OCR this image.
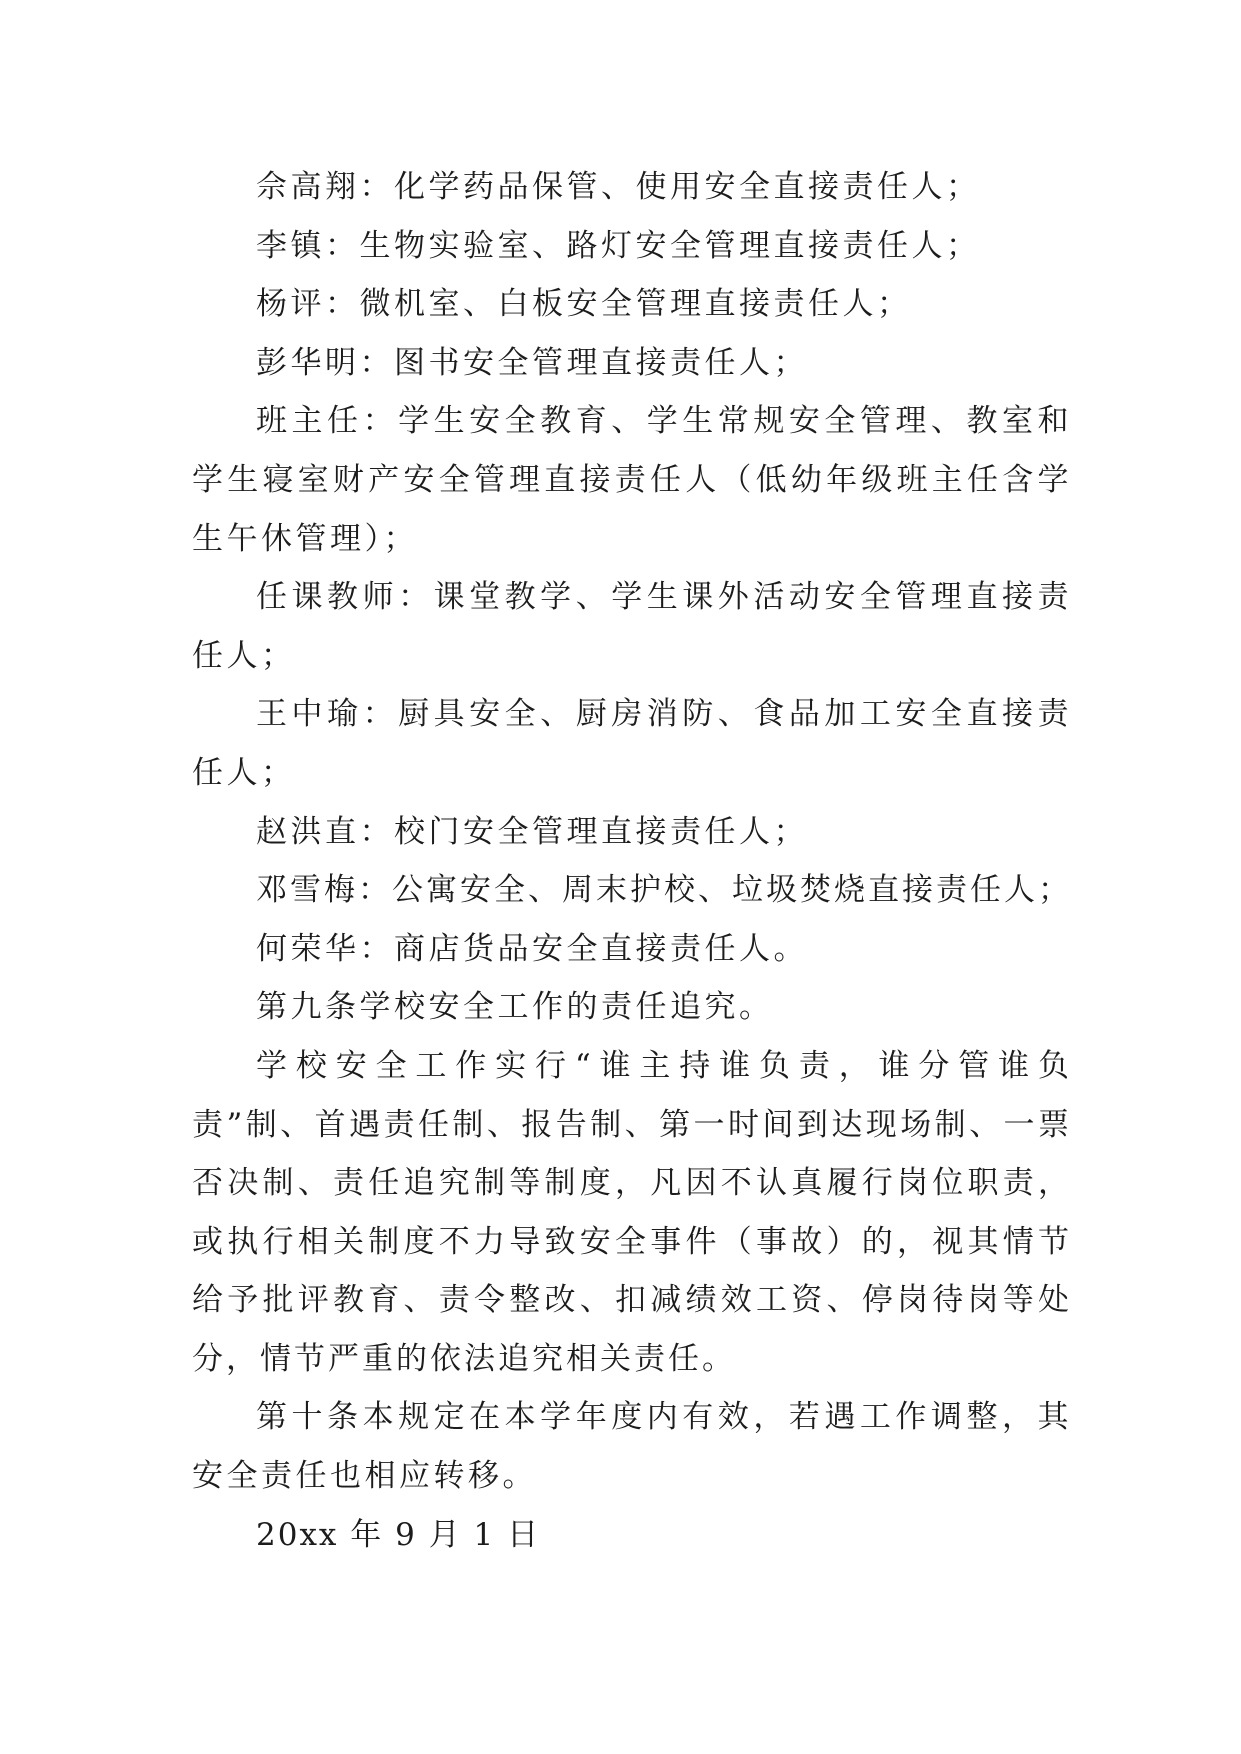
佘高翔：化学药品保管、使用安全直接责任人；

李镇：生物实验室、路灯安全管理直接责任人；

杨评：微机室、白板安全管理直接责任人；

彭华明：图书安全管理直接责任人；

班主任：学生安全教育、学生常规安全管理、教室和学生寝室财产安全管理直接责任人（低幼年级班主任含学生午休管理）；

任课教师：课堂教学、学生课外活动安全管理直接责任人；

王中瑜：厨具安全、厨房消防、食品加工安全直接责任人；

赵洪直：校门安全管理直接责任人；

邓雪梅：公寓安全、周末护校、垃圾焚烧直接责任人；

何荣华：商店货品安全直接责任人。

第九条学校安全工作的责任追究。

学校安全工作实行“谁主持谁负责，谁分管谁负责”制、首遇责任制、报告制、第一时间到达现场制、一票否决制、责任追究制等制度，凡因不认真履行岗位职责，或执行相关制度不力导致安全事件（事故）的，视其情节给予批评教育、责令整改、扣减绩效工资、停岗待岗等处分，情节严重的依法追究相关责任。

第十条本规定在本学年度内有效，若遇工作调整，其安全责任也相应转移。

20xx 年 9 月 1 日
